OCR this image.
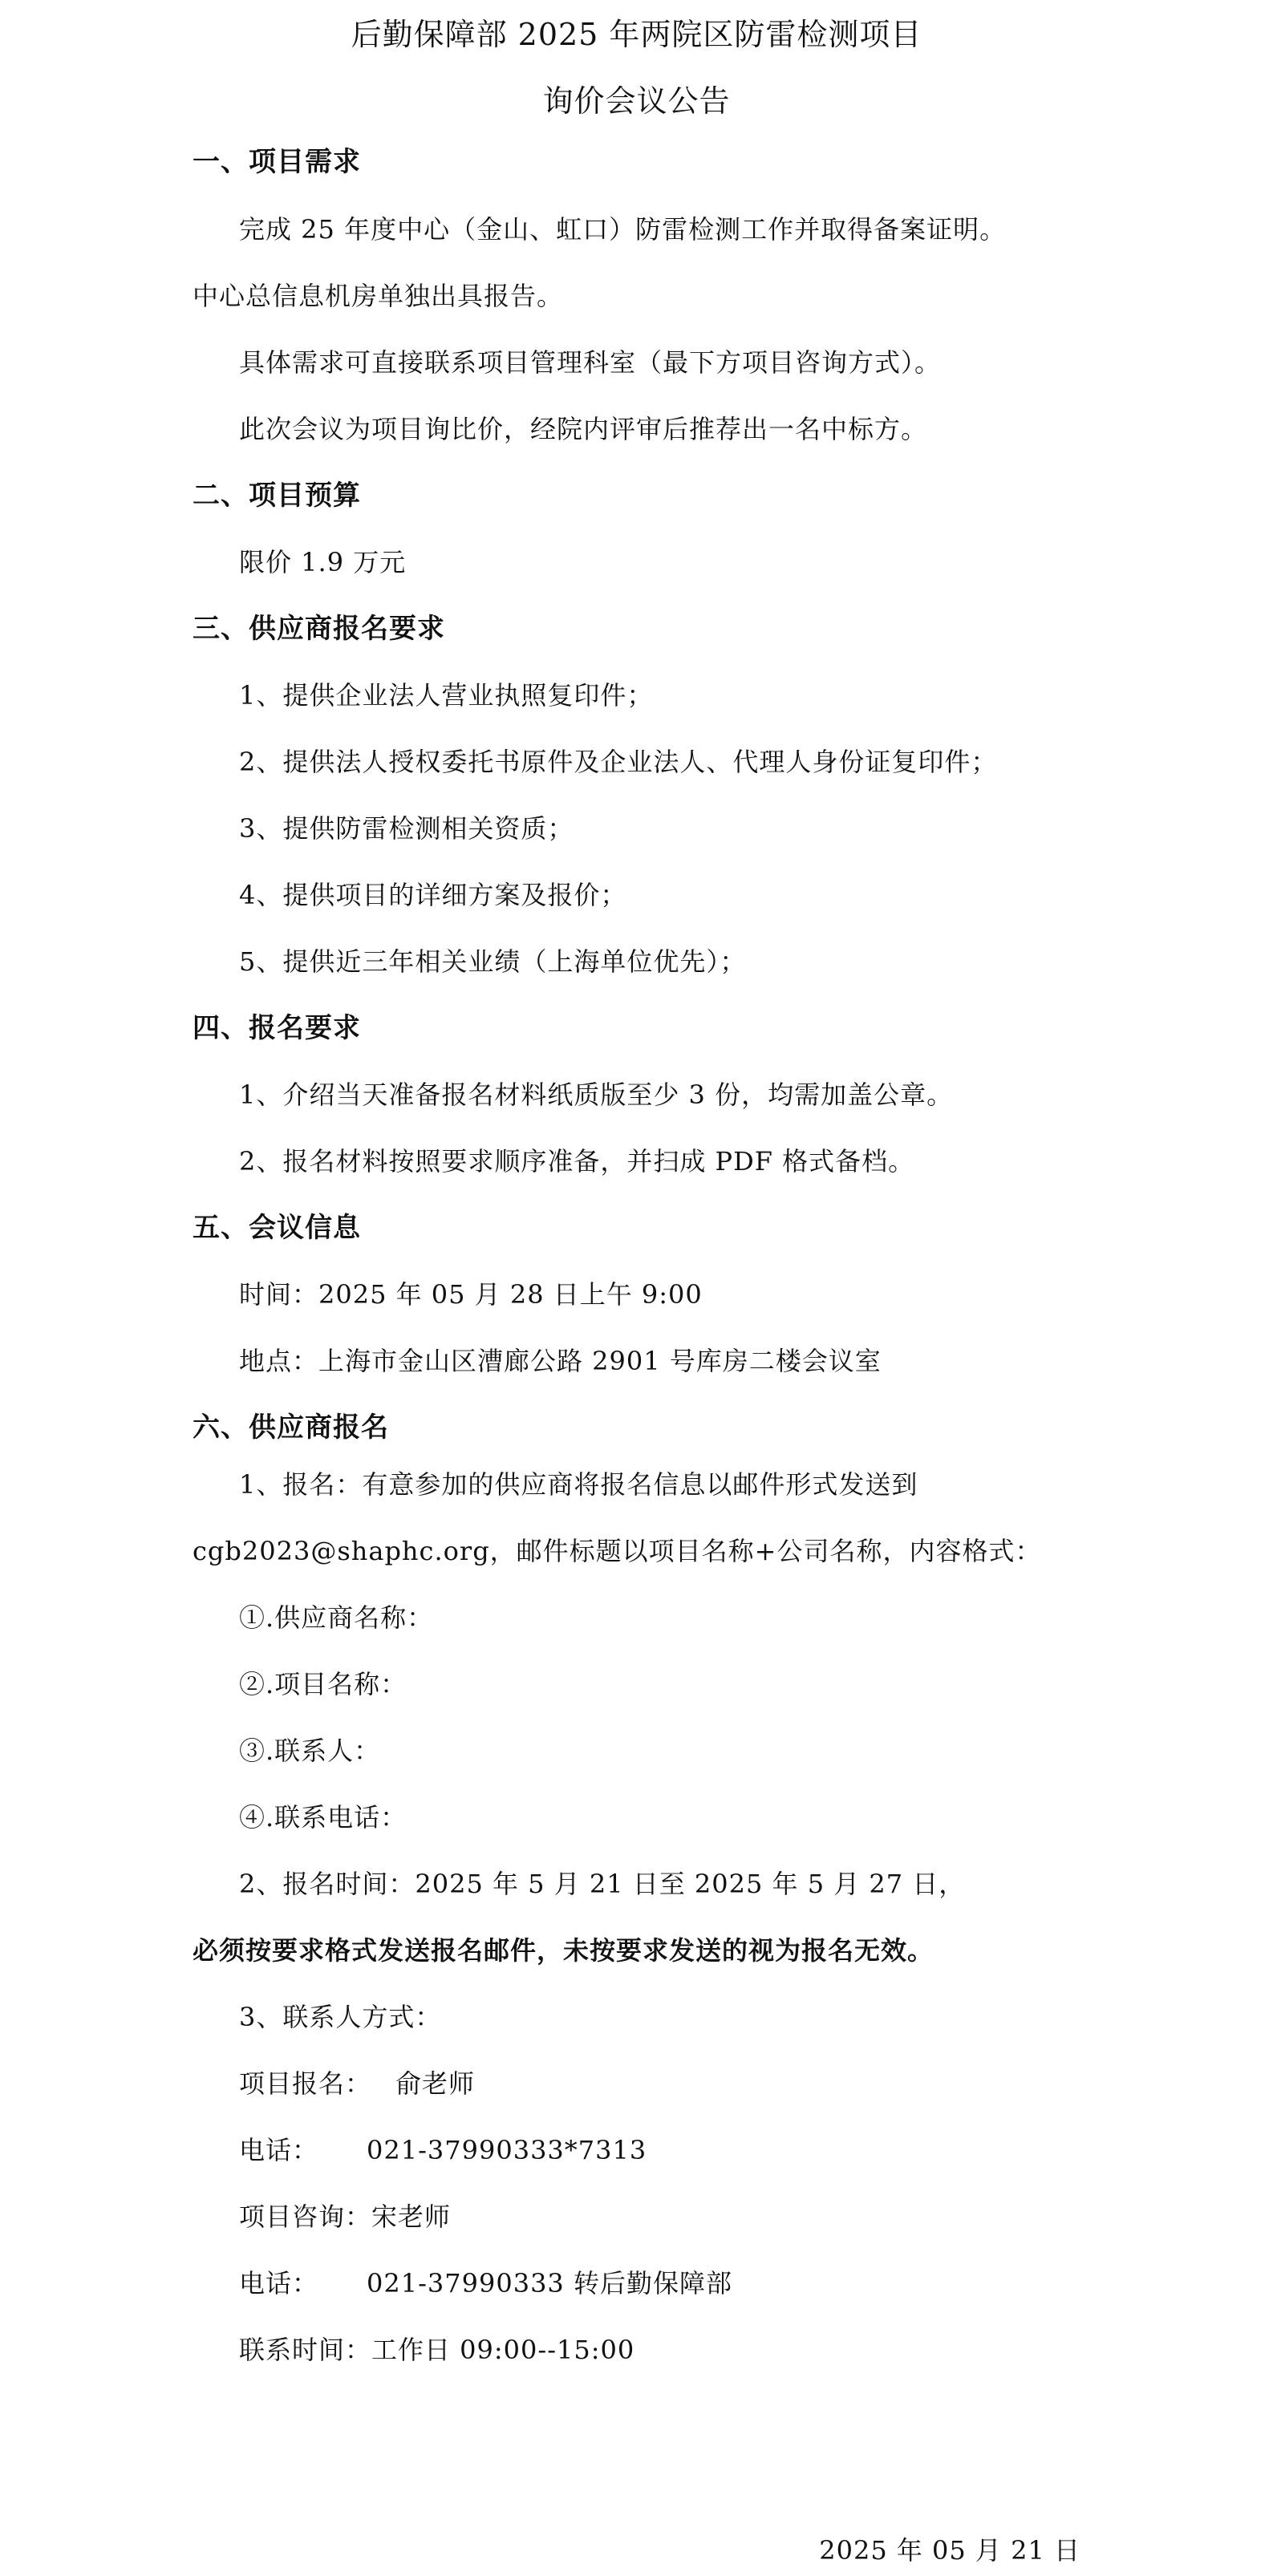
后勤保障部 2025 年两院区防雷检测项目
询价会议公告
一、项目需求
完成 25 年度中心（金山、虹口）防雷检测工作并取得备案证明。
中心总信息机房单独出具报告。
具体需求可直接联系项目管理科室（最下方项目咨询方式）。
此次会议为项目询比价，经院内评审后推荐出一名中标方。
二、项目预算
限价 1.9 万元
三、供应商报名要求
1、提供企业法人营业执照复印件；
2、提供法人授权委托书原件及企业法人、代理人身份证复印件；
3、提供防雷检测相关资质；
4、提供项目的详细方案及报价；
5、提供近三年相关业绩（上海单位优先）；
四、报名要求
1、介绍当天准备报名材料纸质版至少 3 份，均需加盖公章。
2、报名材料按照要求顺序准备，并扫成 PDF 格式备档。
五、会议信息
时间：2025 年 05 月 28 日上午 9:00
地点：上海市金山区漕廊公路 2901 号库房二楼会议室
六、供应商报名
1、报名：有意参加的供应商将报名信息以邮件形式发送到
cgb2023@shaphc.org，邮件标题以项目名称+公司名称，内容格式：
①.供应商名称：
②.项目名称：
③.联系人：
④.联系电话：
2、报名时间：2025 年 5 月 21 日至 2025 年 5 月 27 日，
必须按要求格式发送报名邮件，未按要求发送的视为报名无效。
3、联系人方式：
项目报名： 俞老师
电话： 021-37990333*7313
项目咨询：宋老师
电话： 021-37990333 转后勤保障部
联系时间：工作日 09:00--15:00
2025 年 05 月 21 日
